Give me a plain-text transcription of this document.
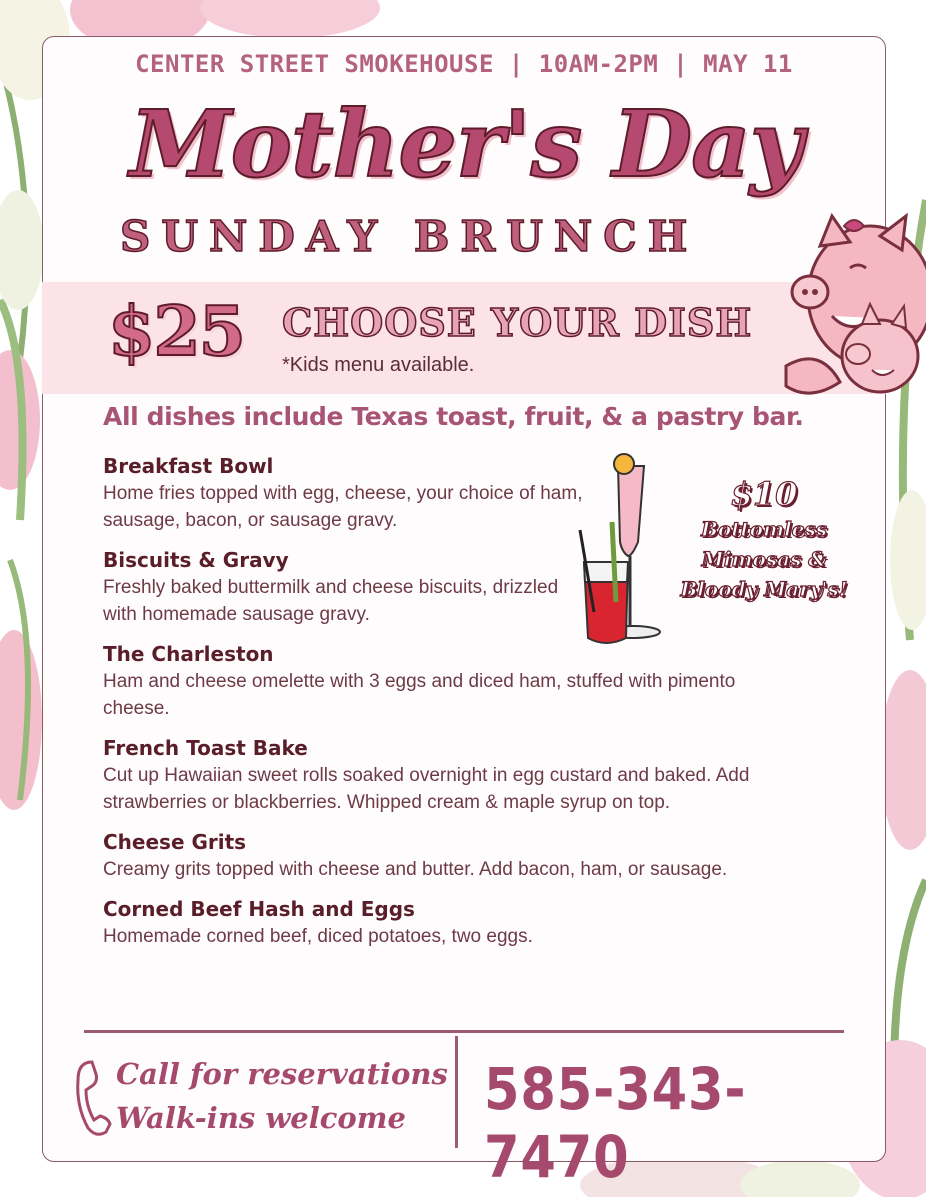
CENTER STREET SMOKEHOUSE | 10AM-2PM | MAY 11
Mother's Day
SUNDAY BRUNCH
$25 CHOOSE YOUR DISH
*Kids menu available.
All dishes include Texas toast, fruit, & a pastry bar.
Breakfast Bowl
Home fries topped with egg, cheese, your choice of ham, sausage, bacon, or sausage gravy.
Biscuits & Gravy
Freshly baked buttermilk and cheese biscuits, drizzled with homemade sausage gravy.
The Charleston
Ham and cheese omelette with 3 eggs and diced ham, stuffed with pimento cheese.
French Toast Bake
Cut up Hawaiian sweet rolls soaked overnight in egg custard and baked. Add strawberries or blackberries. Whipped cream & maple syrup on top.
Cheese Grits
Creamy grits topped with cheese and butter. Add bacon, ham, or sausage.
Corned Beef Hash and Eggs
Homemade corned beef, diced potatoes, two eggs.
$10
Bottomless
Mimosas &
Bloody Mary's!
Call for reservations
Walk-ins welcome	585-343-7470
